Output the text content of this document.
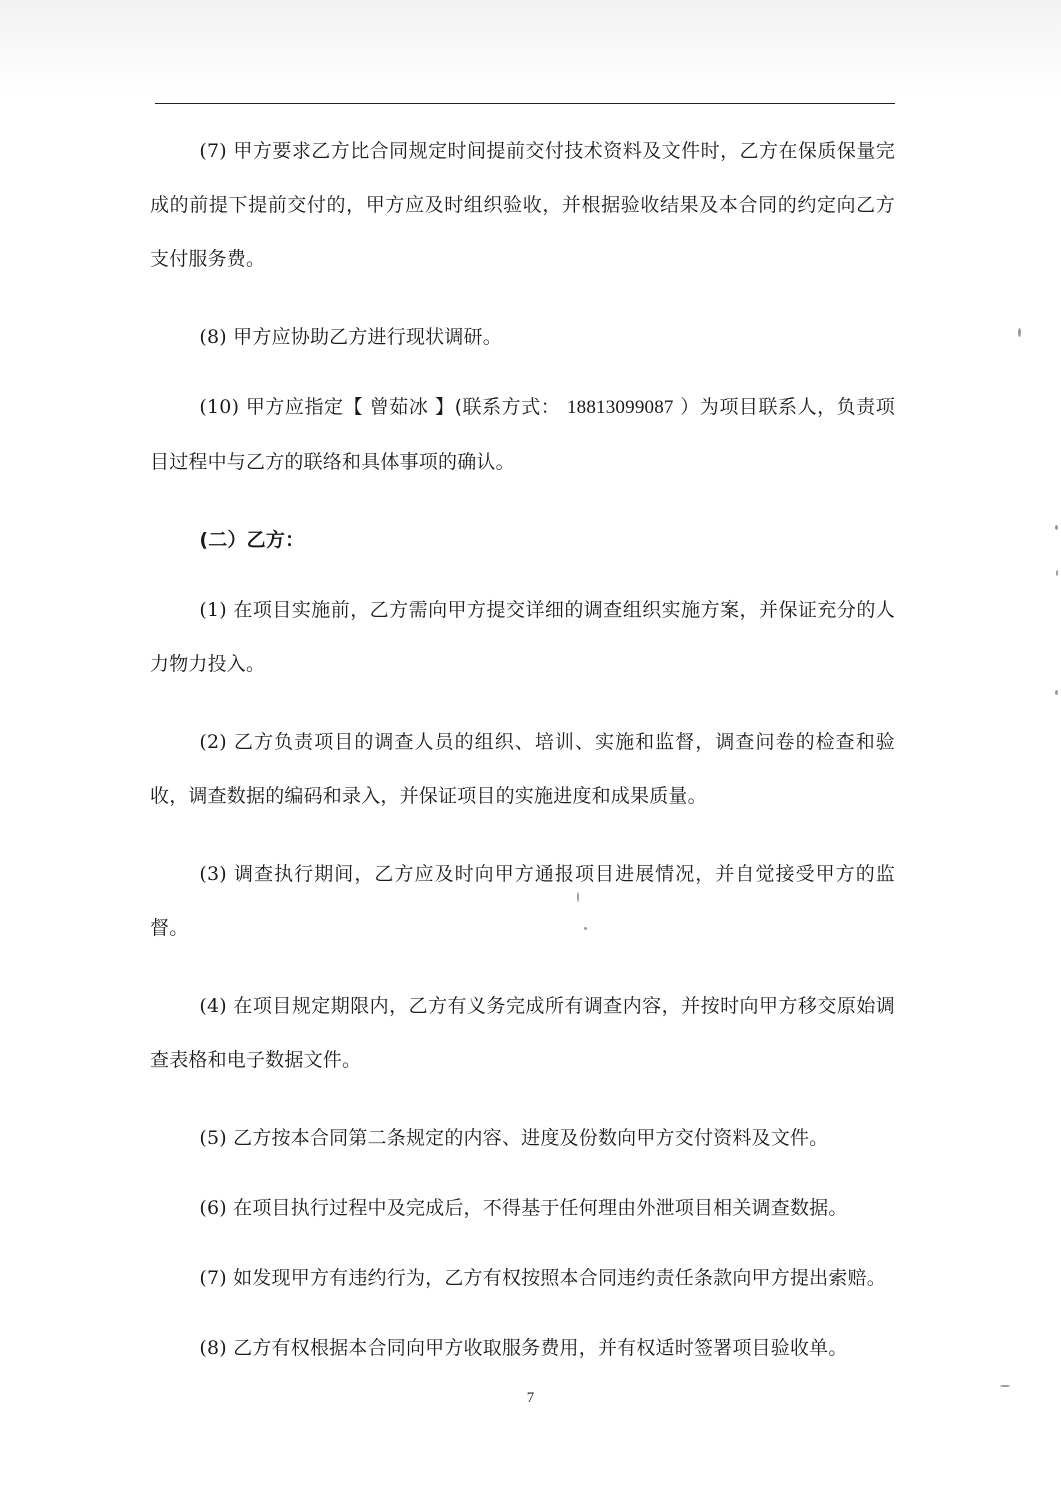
(7) 甲方要求乙方比合同规定时间提前交付技术资料及文件时，乙方在保质保量完成的前提下提前交付的，甲方应及时组织验收，并根据验收结果及本合同的约定向乙方支付服务费。

(8) 甲方应协助乙方进行现状调研。

(10) 甲方应指定【 曾茹冰 】(联系方式： 18813099087 ）为项目联系人，负责项目过程中与乙方的联络和具体事项的确认。

(二）乙方：

(1) 在项目实施前，乙方需向甲方提交详细的调查组织实施方案，并保证充分的人力物力投入。

(2) 乙方负责项目的调查人员的组织、培训、实施和监督，调查问卷的检查和验收，调查数据的编码和录入，并保证项目的实施进度和成果质量。

(3) 调查执行期间，乙方应及时向甲方通报项目进展情况，并自觉接受甲方的监督。

(4) 在项目规定期限内，乙方有义务完成所有调查内容，并按时向甲方移交原始调查表格和电子数据文件。

(5) 乙方按本合同第二条规定的内容、进度及份数向甲方交付资料及文件。

(6) 在项目执行过程中及完成后，不得基于任何理由外泄项目相关调查数据。

(7) 如发现甲方有违约行为，乙方有权按照本合同违约责任条款向甲方提出索赔。

(8) 乙方有权根据本合同向甲方收取服务费用，并有权适时签署项目验收单。

7
